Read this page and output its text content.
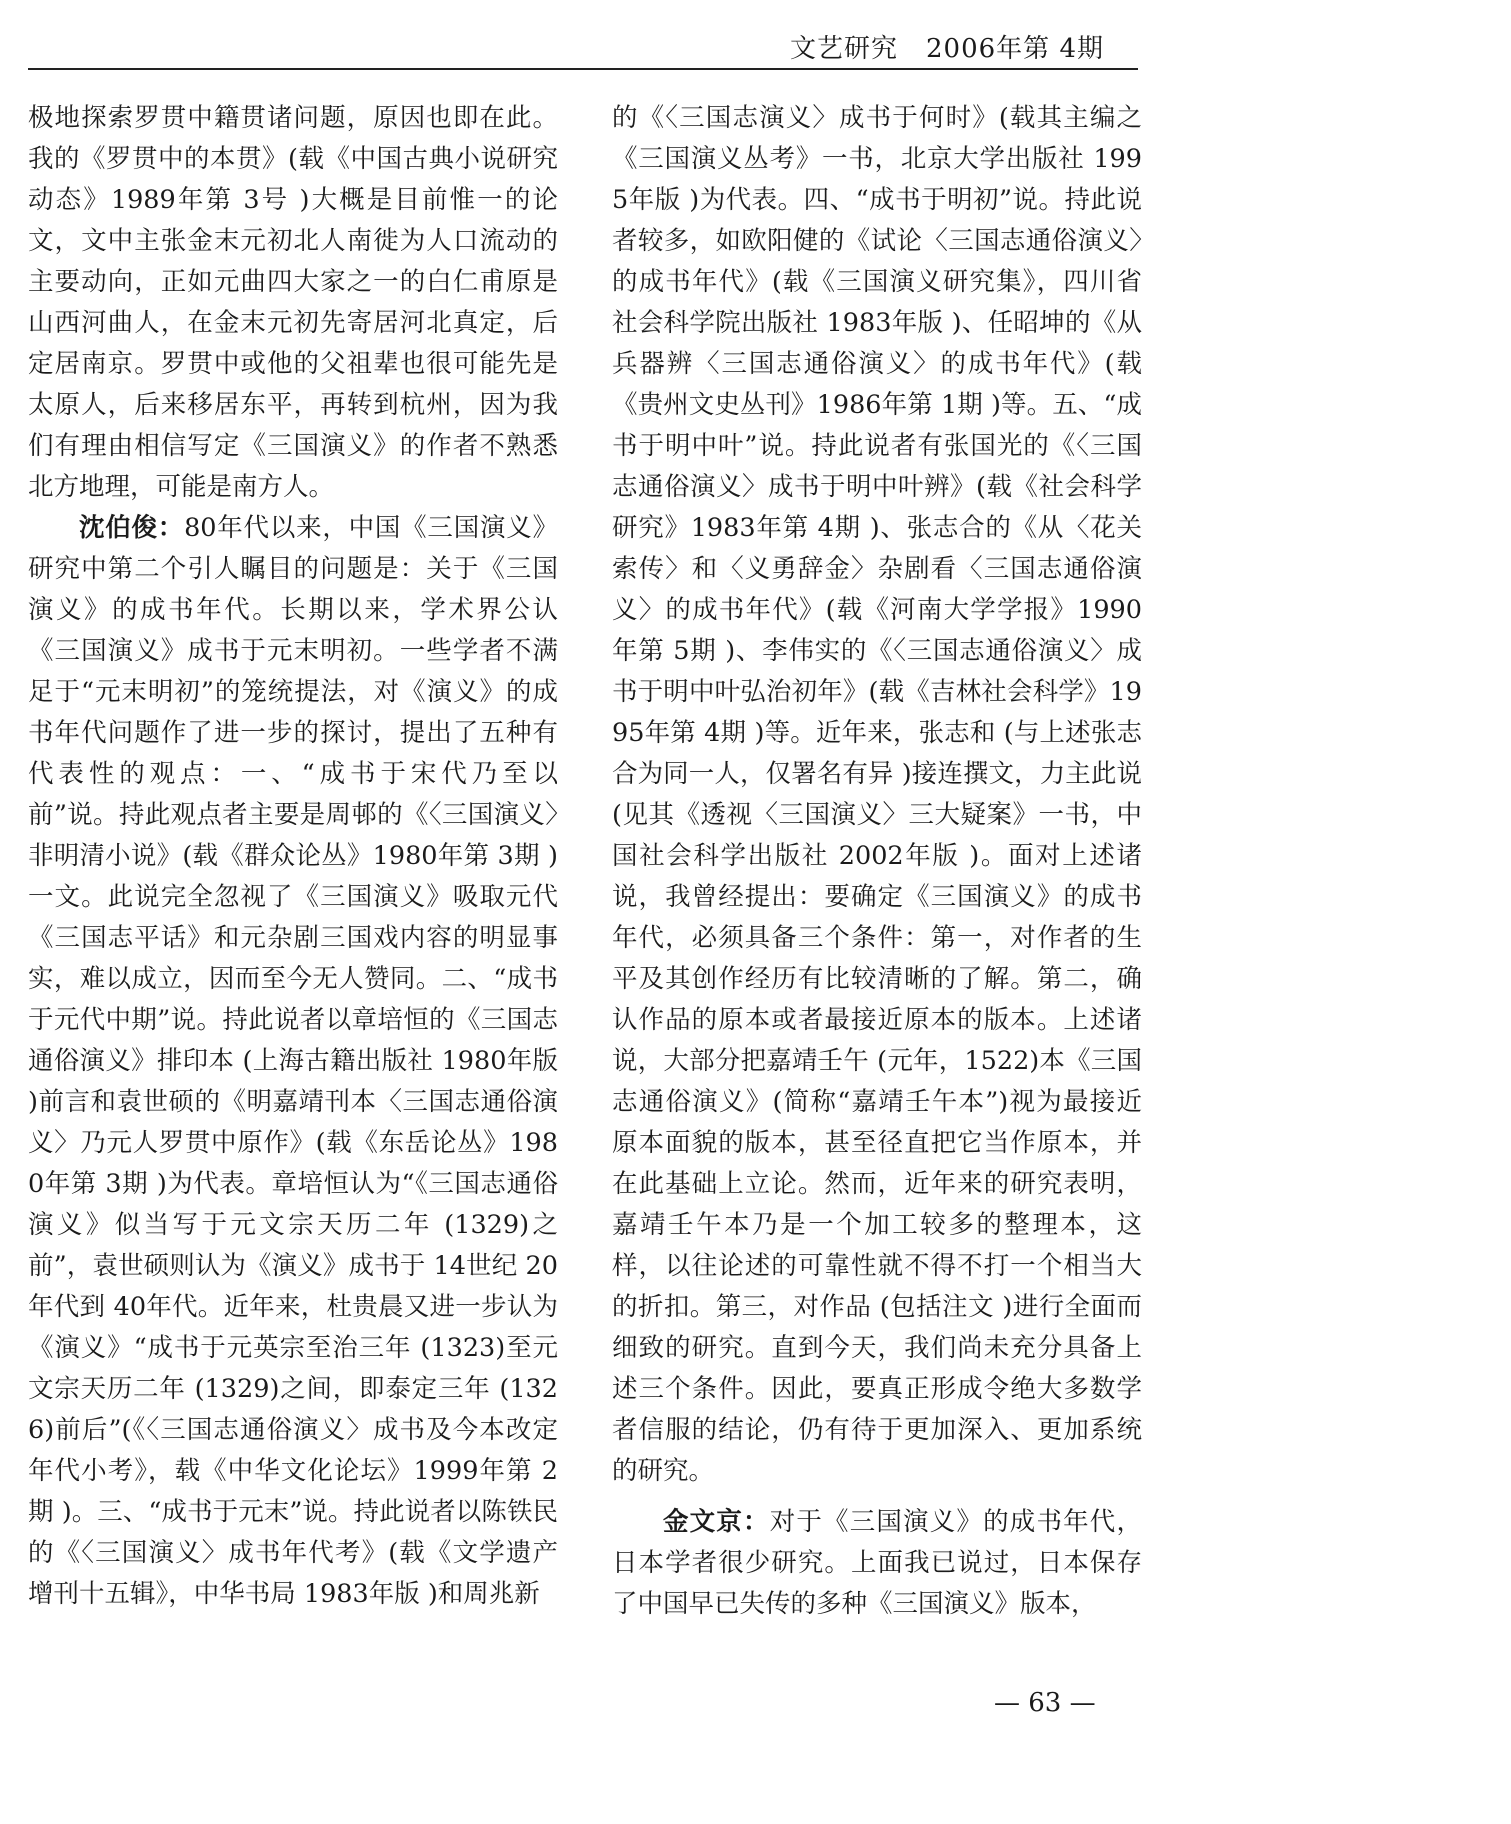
文艺研究 2006年第 4期

极地探索罗贯中籍贯诸问题，原因也即在此。我的《罗贯中的本贯》(载《中国古典小说研究动态》1989年第 3号 )大概是目前惟一的论文，文中主张金末元初北人南徙为人口流动的主要动向，正如元曲四大家之一的白仁甫原是山西河曲人，在金末元初先寄居河北真定，后定居南京。罗贯中或他的父祖辈也很可能先是太原人，后来移居东平，再转到杭州，因为我们有理由相信写定《三国演义》的作者不熟悉北方地理，可能是南方人。

沈伯俊：80年代以来，中国《三国演义》研究中第二个引人瞩目的问题是：关于《三国演义》的成书年代。长期以来，学术界公认《三国演义》成书于元末明初。一些学者不满足于“元末明初”的笼统提法，对《演义》的成书年代问题作了进一步的探讨，提出了五种有代表性的观点：一、“成书于宋代乃至以前”说。持此观点者主要是周邨的《〈三国演义〉非明清小说》(载《群众论丛》1980年第 3期 )一文。此说完全忽视了《三国演义》吸取元代《三国志平话》和元杂剧三国戏内容的明显事实，难以成立，因而至今无人赞同。二、“成书于元代中期”说。持此说者以章培恒的《三国志通俗演义》排印本 (上海古籍出版社 1980年版 )前言和袁世硕的《明嘉靖刊本〈三国志通俗演义〉乃元人罗贯中原作》(载《东岳论丛》1980年第 3期 )为代表。章培恒认为“《三国志通俗演义》似当写于元文宗天历二年 (1329)之前”，袁世硕则认为《演义》成书于 14世纪 20年代到 40年代。近年来，杜贵晨又进一步认为《演义》“成书于元英宗至治三年 (1323)至元文宗天历二年 (1329)之间，即泰定三年 (1326)前后”(《〈三国志通俗演义〉成书及今本改定年代小考》，载《中华文化论坛》1999年第 2期 )。三、“成书于元末”说。持此说者以陈铁民的《〈三国演义〉成书年代考》(载《文学遗产增刊十五辑》，中华书局 1983年版 )和周兆新

的《〈三国志演义〉成书于何时》(载其主编之《三国演义丛考》一书，北京大学出版社 1995年版 )为代表。四、“成书于明初”说。持此说者较多，如欧阳健的《试论〈三国志通俗演义〉的成书年代》(载《三国演义研究集》，四川省社会科学院出版社 1983年版 )、任昭坤的《从兵器辨〈三国志通俗演义〉的成书年代》(载《贵州文史丛刊》1986年第 1期 )等。五、“成书于明中叶”说。持此说者有张国光的《〈三国志通俗演义〉成书于明中叶辨》(载《社会科学研究》1983年第 4期 )、张志合的《从〈花关索传〉和〈义勇辞金〉杂剧看〈三国志通俗演义〉的成书年代》(载《河南大学学报》1990年第 5期 )、李伟实的《〈三国志通俗演义〉成书于明中叶弘治初年》(载《吉林社会科学》1995年第 4期 )等。近年来，张志和 (与上述张志合为同一人，仅署名有异 )接连撰文，力主此说 (见其《透视〈三国演义〉三大疑案》一书，中国社会科学出版社 2002年版 )。面对上述诸说，我曾经提出：要确定《三国演义》的成书年代，必须具备三个条件：第一，对作者的生平及其创作经历有比较清晰的了解。第二，确认作品的原本或者最接近原本的版本。上述诸说，大部分把嘉靖壬午 (元年，1522)本《三国志通俗演义》(简称“嘉靖壬午本”)视为最接近原本面貌的版本，甚至径直把它当作原本，并在此基础上立论。然而，近年来的研究表明，嘉靖壬午本乃是一个加工较多的整理本，这样，以往论述的可靠性就不得不打一个相当大的折扣。第三，对作品 (包括注文 )进行全面而细致的研究。直到今天，我们尚未充分具备上述三个条件。因此，要真正形成令绝大多数学者信服的结论，仍有待于更加深入、更加系统的研究。

金文京：对于《三国演义》的成书年代，日本学者很少研究。上面我已说过，日本保存了中国早已失传的多种《三国演义》版本，

— 63 —
